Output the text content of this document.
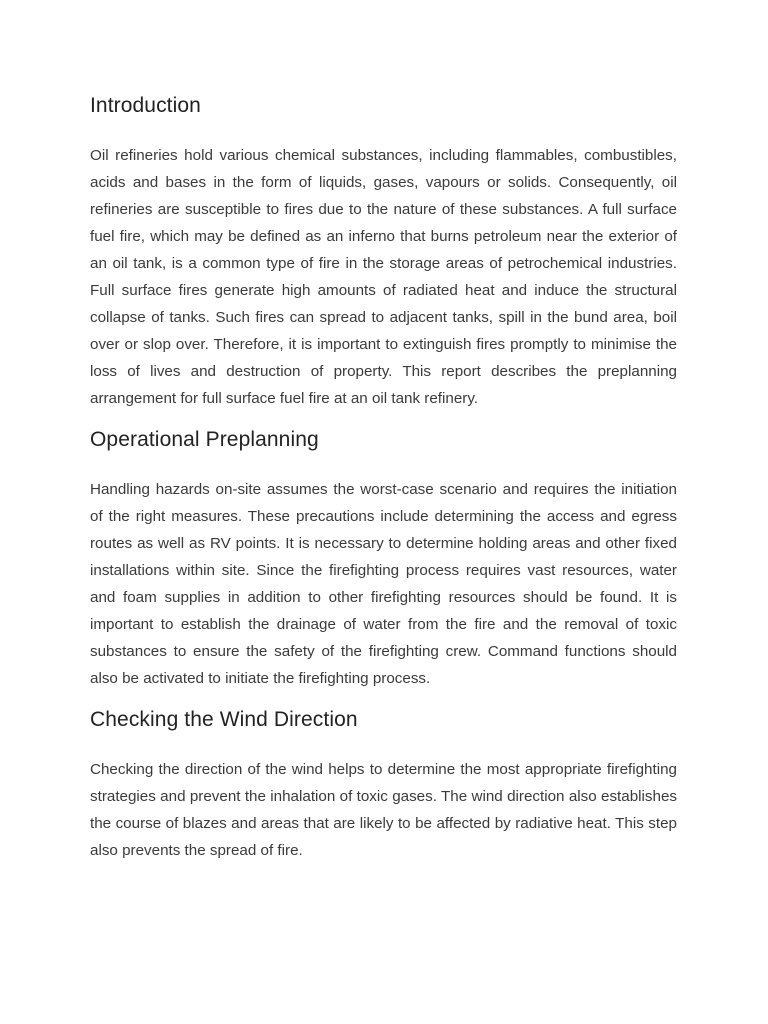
Introduction

Oil refineries hold various chemical substances, including flammables, combustibles, acids and bases in the form of liquids, gases, vapours or solids. Consequently, oil refineries are susceptible to fires due to the nature of these substances. A full surface fuel fire, which may be defined as an inferno that burns petroleum near the exterior of an oil tank, is a common type of fire in the storage areas of petrochemical industries. Full surface fires generate high amounts of radiated heat and induce the structural collapse of tanks. Such fires can spread to adjacent tanks, spill in the bund area, boil over or slop over. Therefore, it is important to extinguish fires promptly to minimise the loss of lives and destruction of property. This report describes the preplanning arrangement for full surface fuel fire at an oil tank refinery.

Operational Preplanning

Handling hazards on-site assumes the worst-case scenario and requires the initiation of the right measures. These precautions include determining the access and egress routes as well as RV points. It is necessary to determine holding areas and other fixed installations within site. Since the firefighting process requires vast resources, water and foam supplies in addition to other firefighting resources should be found. It is important to establish the drainage of water from the fire and the removal of toxic substances to ensure the safety of the firefighting crew. Command functions should also be activated to initiate the firefighting process.

Checking the Wind Direction

Checking the direction of the wind helps to determine the most appropriate firefighting strategies and prevent the inhalation of toxic gases. The wind direction also establishes the course of blazes and areas that are likely to be affected by radiative heat. This step also prevents the spread of fire.
